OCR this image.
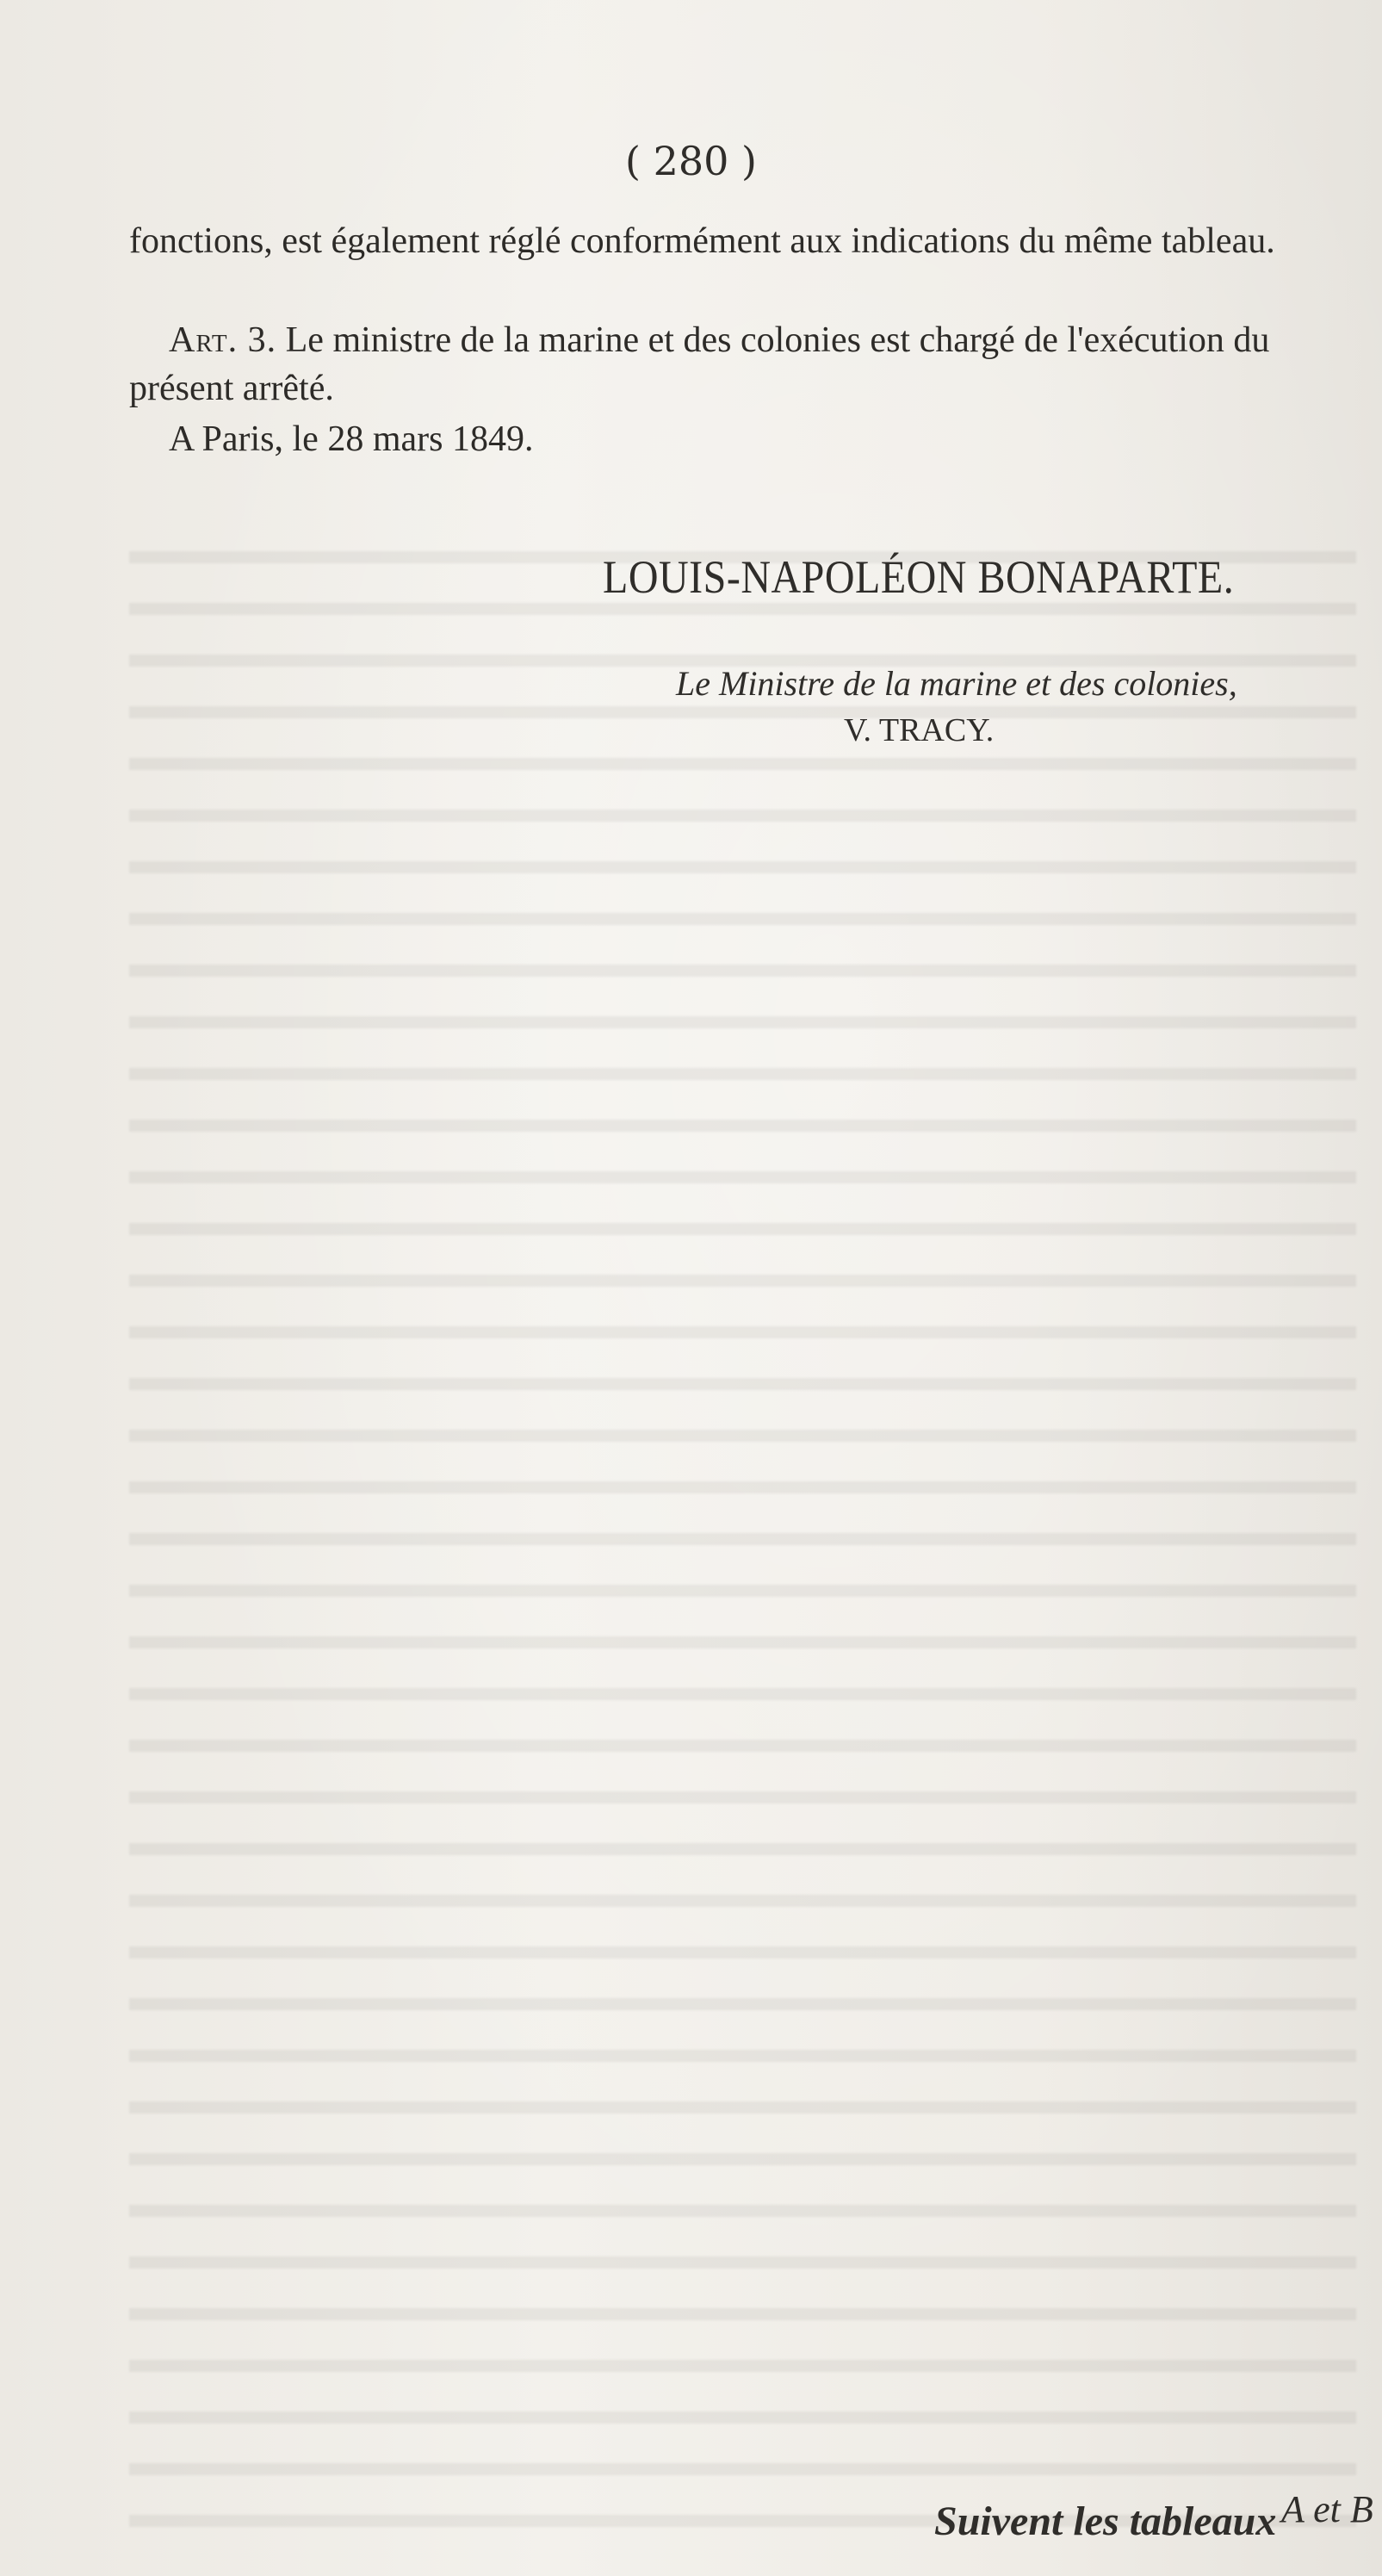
( 280 )
fonctions, est également réglé conformément aux indications du même tableau.
Art. 3. Le ministre de la marine et des colonies est chargé de l'exécution du présent arrêté.
A Paris, le 28 mars 1849.
LOUIS-NAPOLÉON BONAPARTE.
Le Ministre de la marine et des colonies,
V. TRACY.
Suivent les tableaux A et B
